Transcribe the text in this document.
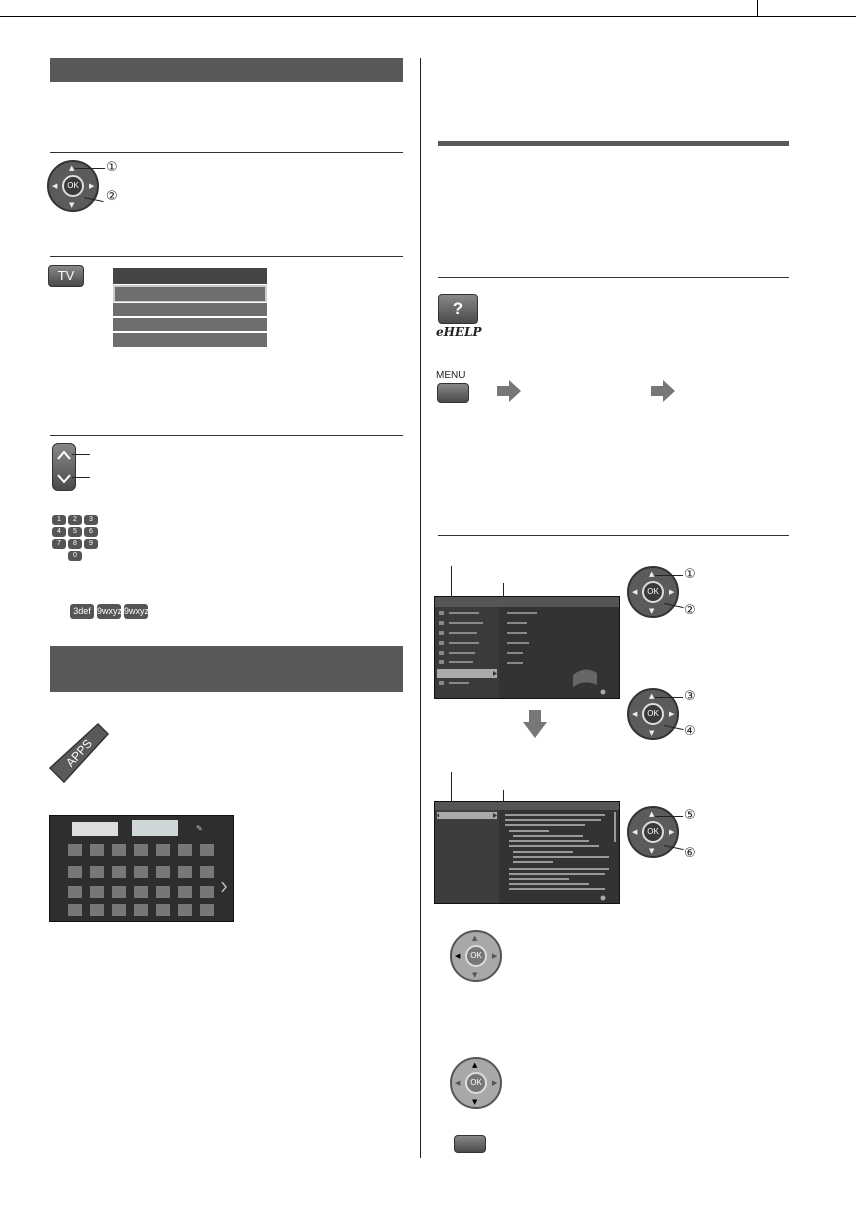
▲
▼
◀	▶
OK
①
②
TV
1	2	3
4	5	6
7	8	9
0
3def 9wxyz 9wxyz
APPS
✎
?
eHELP
MENU
▲
▼
◀	▶
OK
①
②
▲
▼
◀	▶
OK
③
④
▲
▼
◀	▶
OK
⑤
⑥
▲
▼
◀	▶
OK
▲
▼
◀	▶
OK
